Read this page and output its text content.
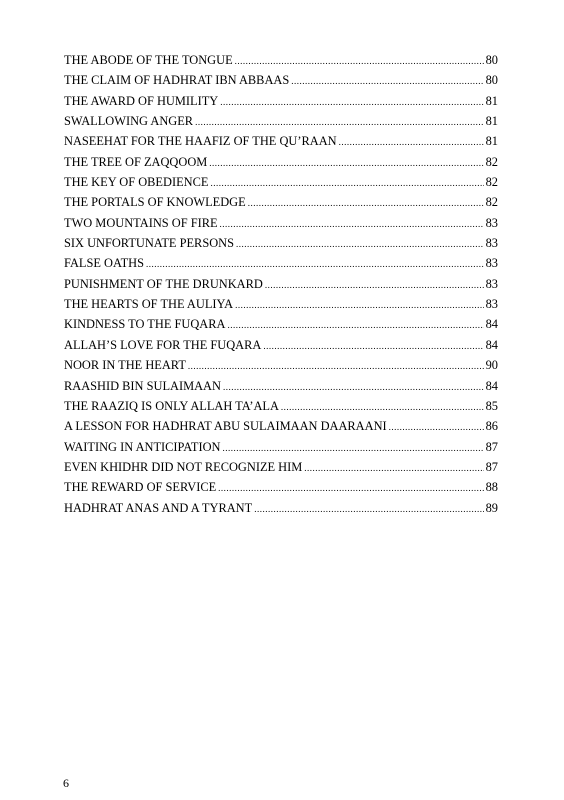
THE ABODE OF THE TONGUE .....	80
THE CLAIM OF HADHRAT IBN ABBAAS .....	80
THE AWARD OF HUMILITY .....	81
SWALLOWING ANGER .....	81
NASEEHAT FOR THE HAAFIZ OF THE QU’RAAN .....	81
THE TREE OF ZAQQOOM .....	82
THE KEY OF OBEDIENCE .....	82
THE PORTALS OF KNOWLEDGE .....	82
TWO MOUNTAINS OF FIRE .....	83
SIX UNFORTUNATE PERSONS .....	83
FALSE OATHS .....	83
PUNISHMENT OF THE DRUNKARD .....	83
THE HEARTS OF THE AULIYA .....	83
KINDNESS TO THE FUQARA .....	84
ALLAH’S LOVE FOR THE FUQARA .....	84
NOOR IN THE HEART .....	90
RAASHID BIN SULAIMAAN .....	84
THE RAAZIQ IS ONLY ALLAH TA’ALA .....	85
A LESSON FOR HADHRAT ABU SULAIMAAN DAARAANI .....	86
WAITING IN ANTICIPATION .....	87
EVEN KHIDHR DID NOT RECOGNIZE HIM .....	87
THE REWARD OF SERVICE .....	88
HADHRAT ANAS AND A TYRANT .....	89
6
